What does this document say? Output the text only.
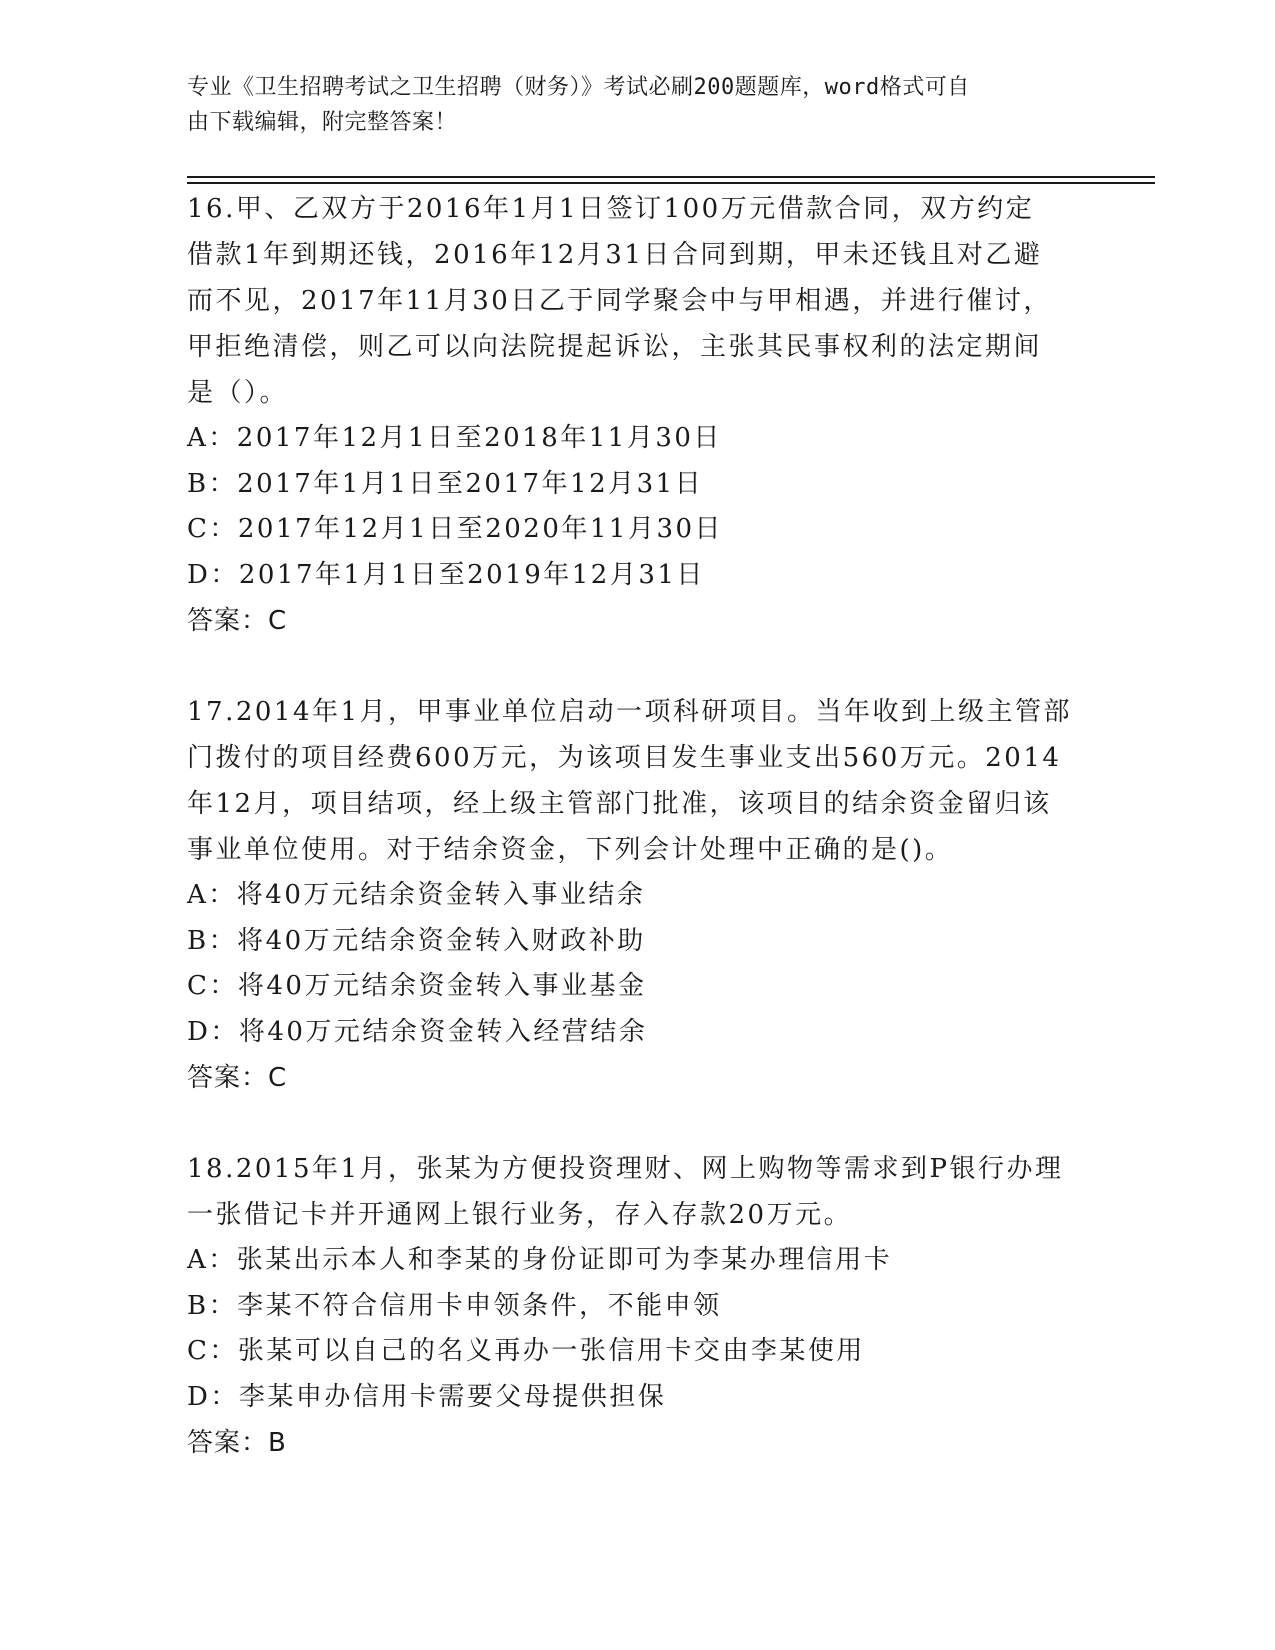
专业《卫生招聘考试之卫生招聘（财务）》考试必刷200题题库，word格式可自
由下载编辑，附完整答案！
16.甲、乙双方于2016年1月1日签订100万元借款合同，双方约定
借款1年到期还钱，2016年12月31日合同到期，甲未还钱且对乙避
而不见，2017年11月30日乙于同学聚会中与甲相遇，并进行催讨，
甲拒绝清偿，则乙可以向法院提起诉讼，主张其民事权利的法定期间
是（）。
A：2017年12月1日至2018年11月30日
B：2017年1月1日至2017年12月31日
C：2017年12月1日至2020年11月30日
D：2017年1月1日至2019年12月31日
答案：C
17.2014年1月，甲事业单位启动一项科研项目。当年收到上级主管部
门拨付的项目经费600万元，为该项目发生事业支出560万元。2014
年12月，项目结项，经上级主管部门批准，该项目的结余资金留归该
事业单位使用。对于结余资金，下列会计处理中正确的是()。
A：将40万元结余资金转入事业结余
B：将40万元结余资金转入财政补助
C：将40万元结余资金转入事业基金
D：将40万元结余资金转入经营结余
答案：C
18.2015年1月，张某为方便投资理财、网上购物等需求到P银行办理
一张借记卡并开通网上银行业务，存入存款20万元。
A：张某出示本人和李某的身份证即可为李某办理信用卡
B：李某不符合信用卡申领条件，不能申领
C：张某可以自己的名义再办一张信用卡交由李某使用
D：李某申办信用卡需要父母提供担保
答案：B
